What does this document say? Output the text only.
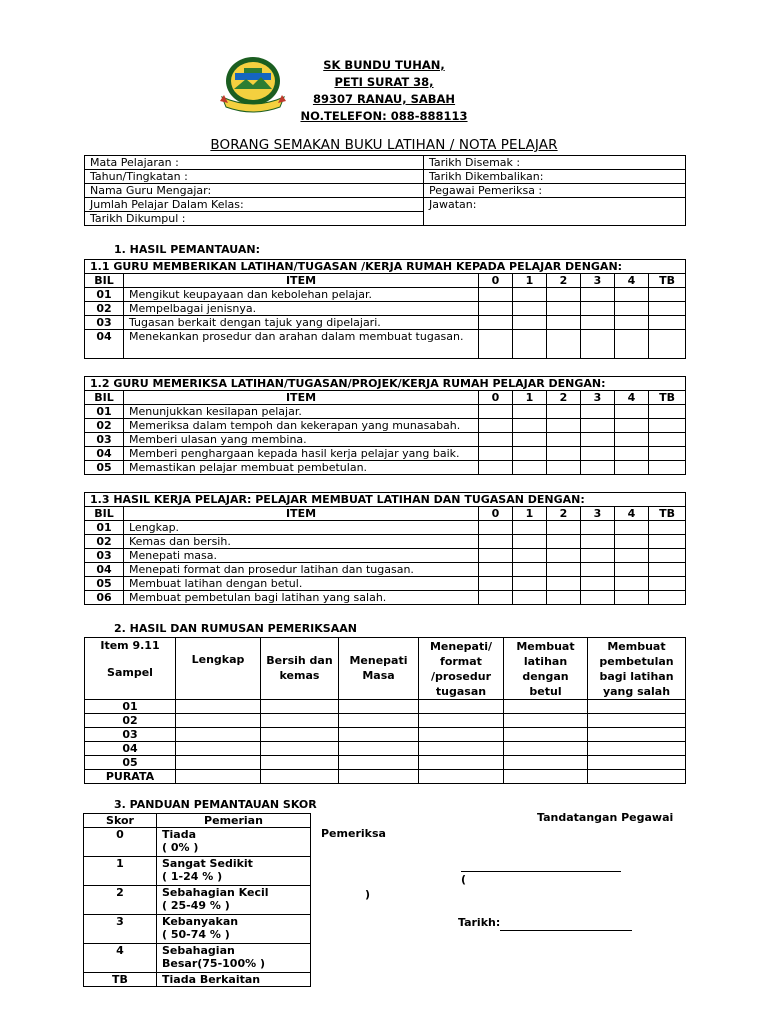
SK BUNDU TUHAN,
PETI SURAT 38,
89307 RANAU, SABAH
NO.TELEFON: 088-888113
BORANG SEMAKAN BUKU LATIHAN / NOTA PELAJAR
Mata Pelajaran :	Tarikh Disemak :
Tahun/Tingkatan :	Tarikh Dikembalikan:
Nama Guru Mengajar:	Pegawai Pemeriksa :
Jumlah Pelajar Dalam Kelas:	Jawatan:
Tarikh Dikumpul :	
1. HASIL PEMANTAUAN:
1.1 GURU MEMBERIKAN LATIHAN/TUGASAN /KERJA RUMAH KEPADA PELAJAR DENGAN:							
BIL	ITEM	0	1	2	3	4	TB
01	Mengikut keupayaan dan kebolehan pelajar.						
02	Mempelbagai jenisnya.						
03	Tugasan berkait dengan tajuk yang dipelajari.						
04	Menekankan prosedur dan arahan dalam membuat tugasan.						
1.2 GURU MEMERIKSA LATIHAN/TUGASAN/PROJEK/KERJA RUMAH PELAJAR DENGAN:							
BIL	ITEM	0	1	2	3	4	TB
01	Menunjukkan kesilapan pelajar.						
02	Memeriksa dalam tempoh dan kekerapan yang munasabah.						
03	Memberi ulasan yang membina.						
04	Memberi penghargaan kepada hasil kerja pelajar yang baik.						
05	Memastikan pelajar membuat pembetulan.						
1.3 HASIL KERJA PELAJAR: PELAJAR MEMBUAT LATIHAN DAN TUGASAN DENGAN:							
BIL	ITEM	0	1	2	3	4	TB
01	Lengkap.						
02	Kemas dan bersih.						
03	Menepati masa.						
04	Menepati format dan prosedur latihan dan tugasan.						
05	Membuat latihan dengan betul.						
06	Membuat pembetulan bagi latihan yang salah.						
2. HASIL DAN RUMUSAN PEMERIKSAAN
Item 9.11
Sampel	Lengkap	Bersih dan kemas	Menepati Masa	Menepati/ format /prosedur tugasan	Membuat latihan dengan betul	Membuat pembetulan bagi latihan yang salah
01						
02						
03						
04						
05						
PURATA						
3. PANDUAN PEMANTAUAN SKOR
Skor	Pemerian
0	Tiada
( 0% )

1	Sangat Sedikit
( 1-24 % )

2	Sebahagian Kecil
( 25-49 % )

3	Kebanyakan
( 50-74 % )

4	Sebahagian
Besar(75-100% )

TB	Tiada Berkaitan
Tandatangan Pegawai
Pemeriksa
(
)
Tarikh:
